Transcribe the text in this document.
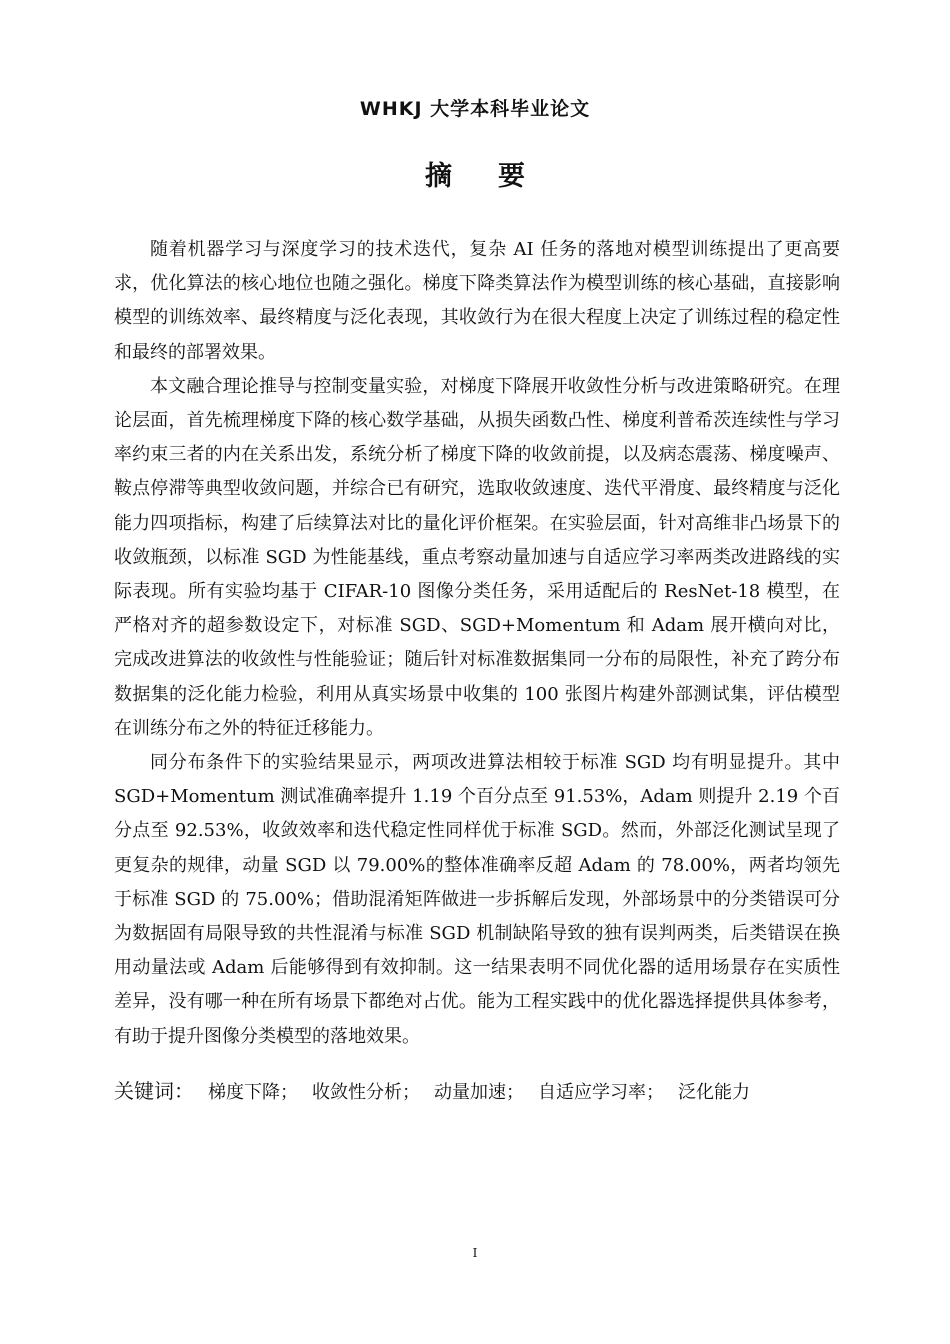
WHKJ 大学本科毕业论文
摘要

随着机器学习与深度学习的技术迭代，复杂 AI 任务的落地对模型训练提出了更高要求，优化算法的核心地位也随之强化。梯度下降类算法作为模型训练的核心基础，直接影响模型的训练效率、最终精度与泛化表现，其收敛行为在很大程度上决定了训练过程的稳定性和最终的部署效果。

本文融合理论推导与控制变量实验，对梯度下降展开收敛性分析与改进策略研究。在理论层面，首先梳理梯度下降的核心数学基础，从损失函数凸性、梯度利普希茨连续性与学习率约束三者的内在关系出发，系统分析了梯度下降的收敛前提，以及病态震荡、梯度噪声、鞍点停滞等典型收敛问题，并综合已有研究，选取收敛速度、迭代平滑度、最终精度与泛化能力四项指标，构建了后续算法对比的量化评价框架。在实验层面，针对高维非凸场景下的收敛瓶颈，以标准 SGD 为性能基线，重点考察动量加速与自适应学习率两类改进路线的实际表现。所有实验均基于 CIFAR-10 图像分类任务，采用适配后的 ResNet-18 模型，在严格对齐的超参数设定下，对标准 SGD、SGD+Momentum 和 Adam 展开横向对比，完成改进算法的收敛性与性能验证；随后针对标准数据集同一分布的局限性，补充了跨分布数据集的泛化能力检验，利用从真实场景中收集的 100 张图片构建外部测试集，评估模型在训练分布之外的特征迁移能力。

同分布条件下的实验结果显示，两项改进算法相较于标准 SGD 均有明显提升。其中 SGD+Momentum 测试准确率提升 1.19 个百分点至 91.53%，Adam 则提升 2.19 个百分点至 92.53%，收敛效率和迭代稳定性同样优于标准 SGD。然而，外部泛化测试呈现了更复杂的规律，动量 SGD 以 79.00%的整体准确率反超 Adam 的 78.00%，两者均领先于标准 SGD 的 75.00%；借助混淆矩阵做进一步拆解后发现，外部场景中的分类错误可分为数据固有局限导致的共性混淆与标准 SGD 机制缺陷导致的独有误判两类，后类错误在换用动量法或 Adam 后能够得到有效抑制。这一结果表明不同优化器的适用场景存在实质性差异，没有哪一种在所有场景下都绝对占优。能为工程实践中的优化器选择提供具体参考，有助于提升图像分类模型的落地效果。

关键词： 梯度下降； 收敛性分析； 动量加速； 自适应学习率； 泛化能力
I
